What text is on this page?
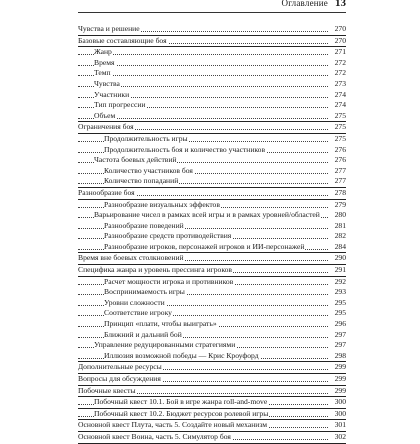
Оглавление 13
Чувства и решение	270
Базовые составляющие боя	270
Жанр	271
Время	272
Темп	272
Чувства	273
Участники	274
Тип прогрессии	274
Объем	275
Ограничения боя	275
Продолжительность игры	275
Продолжительность боя и количество участников	276
Частота боевых действий	276
Количество участников боя	277
Количество попаданий	277
Разнообразие боя	278
Разнообразие визуальных эффектов	279
Варьирование чисел в рамках всей игры и в рамках уровней/областей 280
Разнообразие поведений	281
Разнообразие средств противодействия	282
Разнообразие игроков, персонажей игроков и ИИ-персонажей	284
Время вне боевых столкновений	290
Специфика жанра и уровень прессинга игроков	291
Расчет мощности игрока и противников	292
Воспринимаемость игры	293
Уровни сложности	295
Соответствие игроку	295
Принцип «плати, чтобы выиграть»	296
Ближний и дальний бой	297
Управление редуцированными стратегиями	297
Иллюзия возможной победы — Крис Кроуфорд	298
Дополнительные ресурсы	299
Вопросы для обсуждения	299
Побочные квесты	299
Побочный квест 10.1. Бой в игре жанра roll-and-move	300
Побочный квест 10.2. Бюджет ресурсов ролевой игры	300
Основной квест Плута, часть 5. Создайте новый механизм	301
Основной квест Воина, часть 5. Симулятор боя	302
